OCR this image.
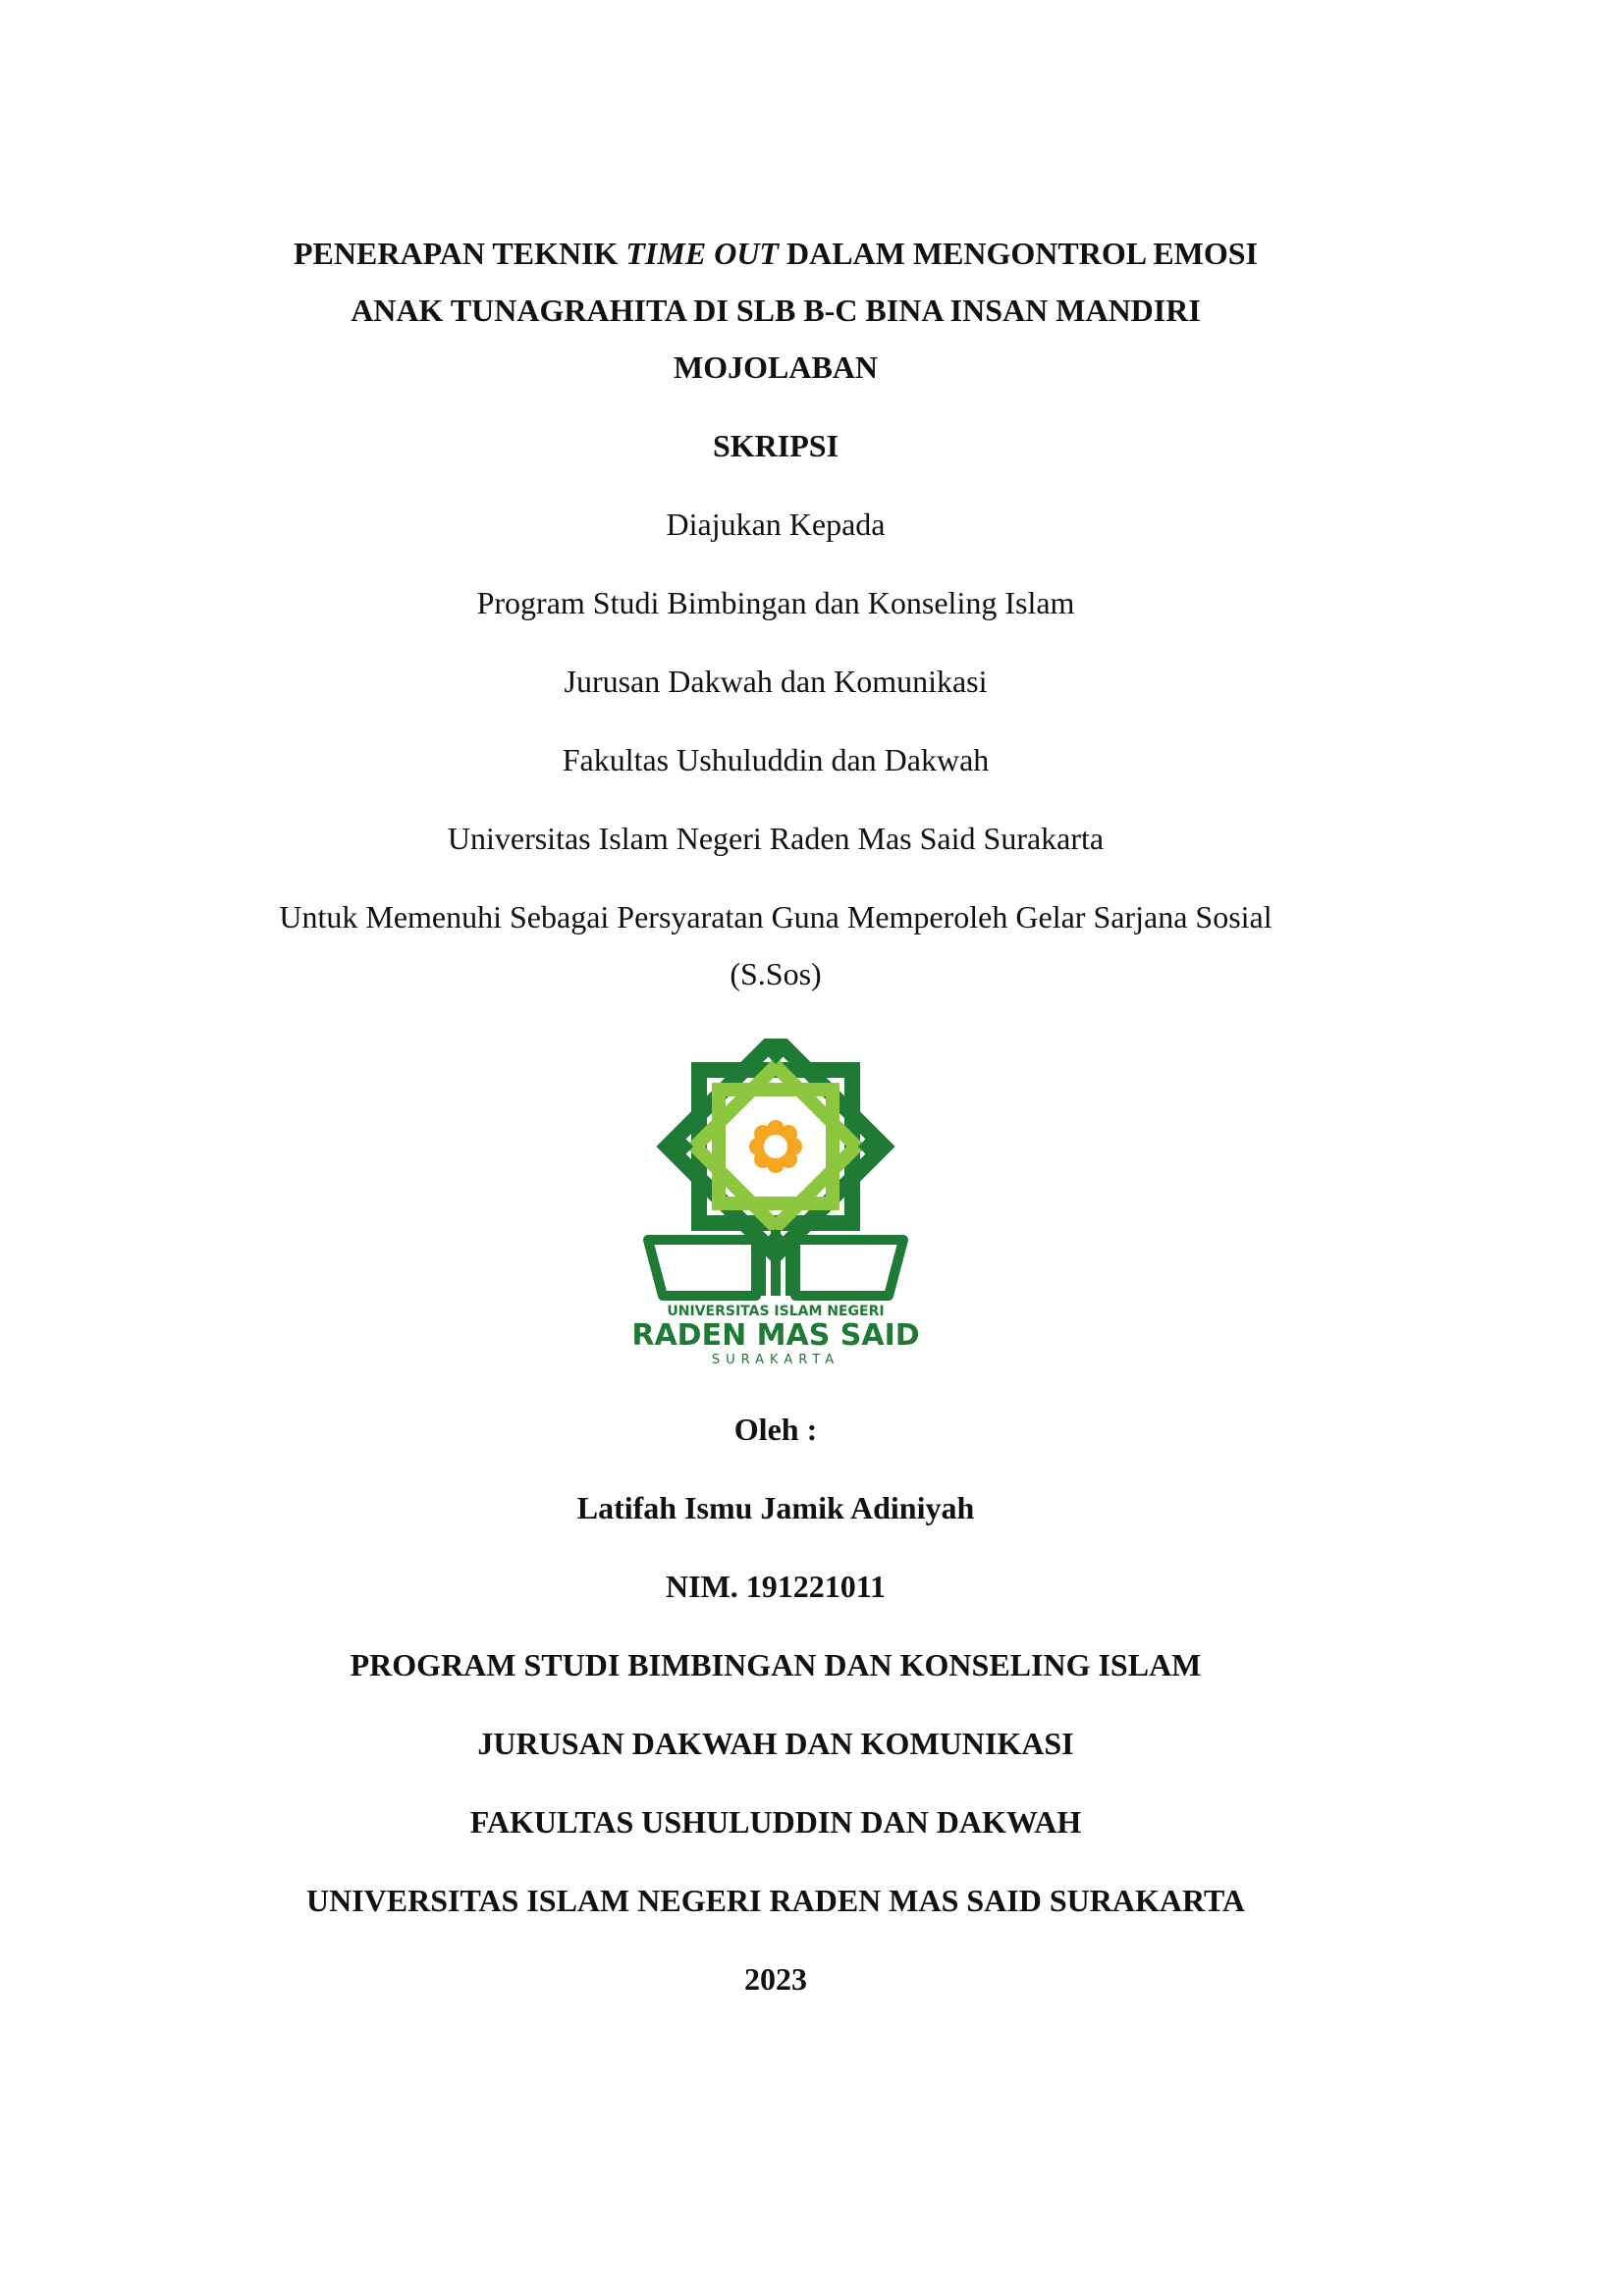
PENERAPAN TEKNIK TIME OUT DALAM MENGONTROL EMOSI
ANAK TUNAGRAHITA DI SLB B-C BINA INSAN MANDIRI
MOJOLABAN
SKRIPSI
Diajukan Kepada
Program Studi Bimbingan dan Konseling Islam
Jurusan Dakwah dan Komunikasi
Fakultas Ushuluddin dan Dakwah
Universitas Islam Negeri Raden Mas Said Surakarta
Untuk Memenuhi Sebagai Persyaratan Guna Memperoleh Gelar Sarjana Sosial
(S.Sos)
UNIVERSITAS ISLAM NEGERI
RADEN MAS SAID
SURAKARTA
Oleh :
Latifah Ismu Jamik Adiniyah
NIM. 191221011
PROGRAM STUDI BIMBINGAN DAN KONSELING ISLAM
JURUSAN DAKWAH DAN KOMUNIKASI
FAKULTAS USHULUDDIN DAN DAKWAH
UNIVERSITAS ISLAM NEGERI RADEN MAS SAID SURAKARTA
2023
